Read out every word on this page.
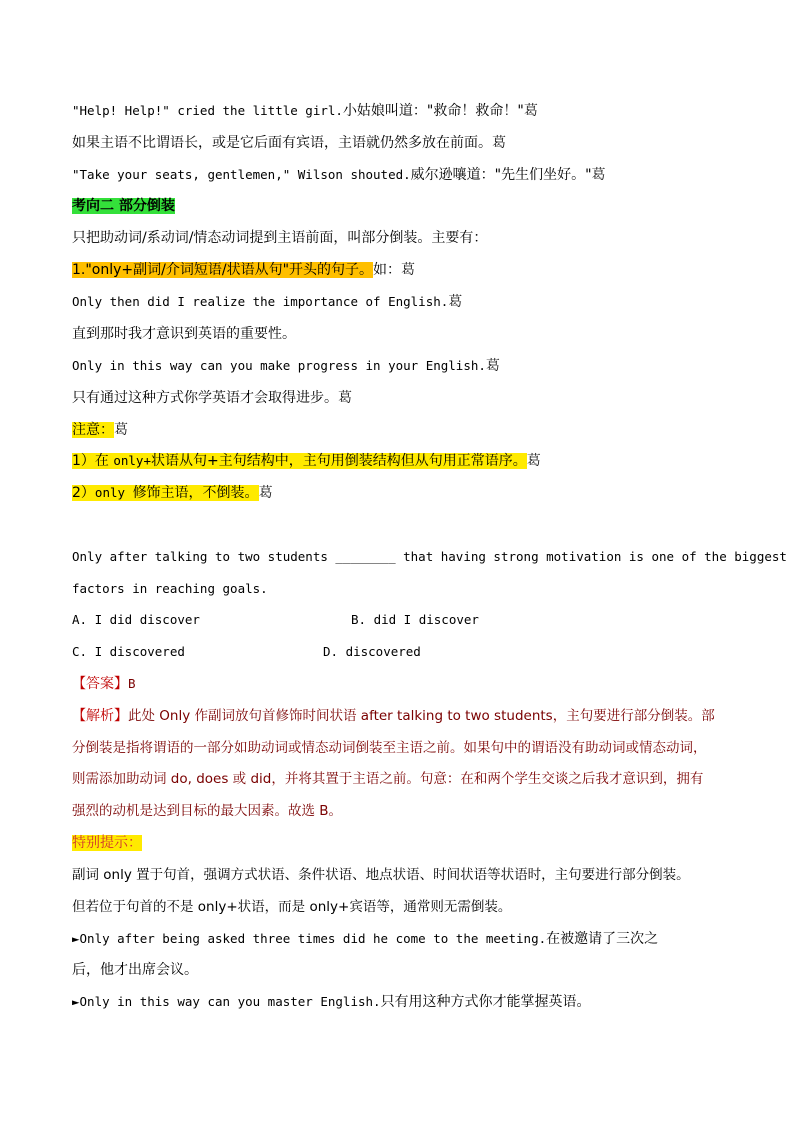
"Help! Help!" cried the little girl.小姑娘叫道："救命！救命！"葛
如果主语不比谓语长，或是它后面有宾语，主语就仍然多放在前面。葛
"Take your seats, gentlemen," Wilson shouted.威尔逊嚷道："先生们坐好。"葛
考向二 部分倒装
只把助动词/系动词/情态动词提到主语前面，叫部分倒装。主要有：
1."only+副词/介词短语/状语从句"开头的句子。如：葛
Only then did I realize the importance of English.葛
直到那时我才意识到英语的重要性。
Only in this way can you make progress in your English.葛
只有通过这种方式你学英语才会取得进步。葛
注意：葛
1）在 only+状语从句+主句结构中，主句用倒装结构但从句用正常语序。葛
2）only 修饰主语，不倒装。葛
Only after talking to two students ________ that having strong motivation is one of the biggest
factors in reaching goals.
A. I did discover	B. did I discover
C. I discovered	D. discovered
【答案】B
【解析】此处 Only 作副词放句首修饰时间状语 after talking to two students，主句要进行部分倒装。部
分倒装是指将谓语的一部分如助动词或情态动词倒装至主语之前。如果句中的谓语没有助动词或情态动词，
则需添加助动词 do, does 或 did，并将其置于主语之前。句意：在和两个学生交谈之后我才意识到，拥有
强烈的动机是达到目标的最大因素。故选 B。
特别提示：
副词 only 置于句首，强调方式状语、条件状语、地点状语、时间状语等状语时，主句要进行部分倒装。
但若位于句首的不是 only+状语，而是 only+宾语等，通常则无需倒装。
►Only after being asked three times did he come to the meeting.在被邀请了三次之
后，他才出席会议。
►Only in this way can you master English.只有用这种方式你才能掌握英语。
